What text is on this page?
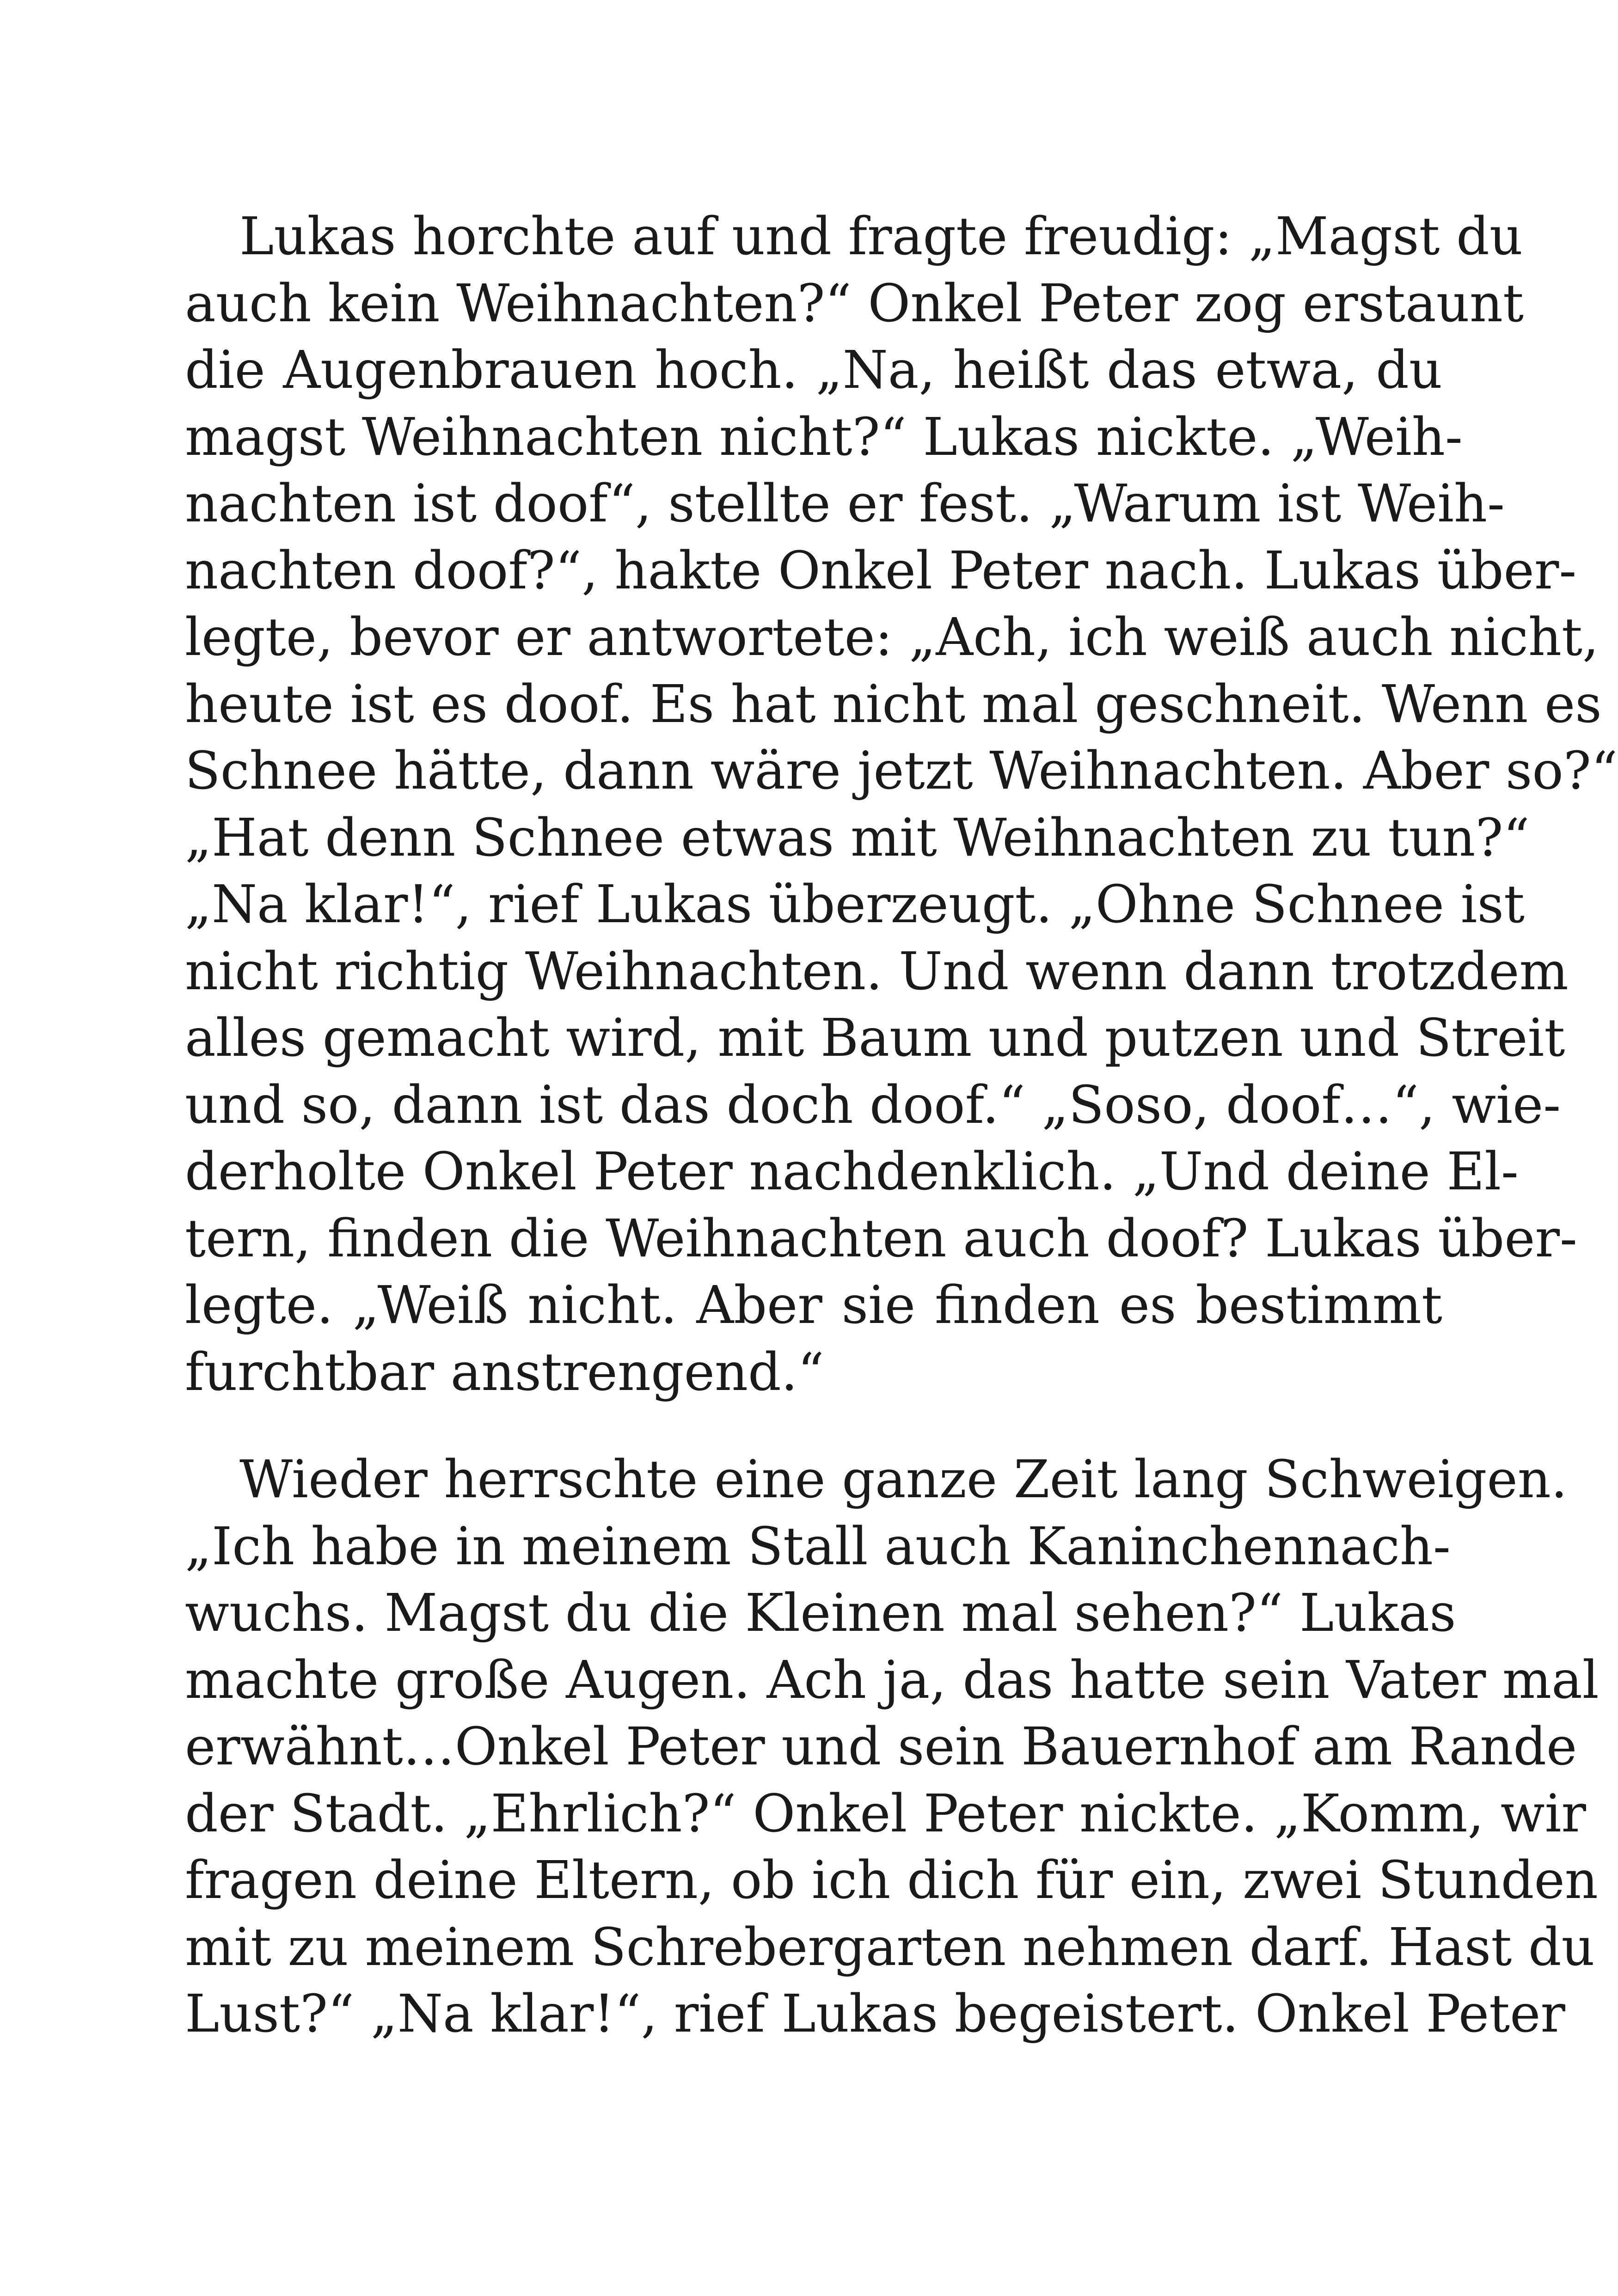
Lukas horchte auf und fragte freudig: „Magst du
auch kein Weihnachten?“ Onkel Peter zog erstaunt
die Augenbrauen hoch. „Na, heißt das etwa, du
magst Weihnachten nicht?“ Lukas nickte. „Weih-
nachten ist doof“, stellte er fest. „Warum ist Weih-
nachten doof?“, hakte Onkel Peter nach. Lukas über-
legte, bevor er antwortete: „Ach, ich weiß auch nicht,
heute ist es doof. Es hat nicht mal geschneit. Wenn es
Schnee hätte, dann wäre jetzt Weihnachten. Aber so?“
„Hat denn Schnee etwas mit Weihnachten zu tun?“
„Na klar!“, rief Lukas überzeugt. „Ohne Schnee ist
nicht richtig Weihnachten. Und wenn dann trotzdem
alles gemacht wird, mit Baum und putzen und Streit
und so, dann ist das doch doof.“ „Soso, doof…“, wie-
derholte Onkel Peter nachdenklich. „Und deine El-
tern, finden die Weihnachten auch doof? Lukas über-
legte. „Weiß nicht. Aber sie finden es bestimmt
furchtbar anstrengend.“
Wieder herrschte eine ganze Zeit lang Schweigen.
„Ich habe in meinem Stall auch Kaninchennach-
wuchs. Magst du die Kleinen mal sehen?“ Lukas
machte große Augen. Ach ja, das hatte sein Vater mal
erwähnt…Onkel Peter und sein Bauernhof am Rande
der Stadt. „Ehrlich?“ Onkel Peter nickte. „Komm, wir
fragen deine Eltern, ob ich dich für ein, zwei Stunden
mit zu meinem Schrebergarten nehmen darf. Hast du
Lust?“ „Na klar!“, rief Lukas begeistert. Onkel Peter
